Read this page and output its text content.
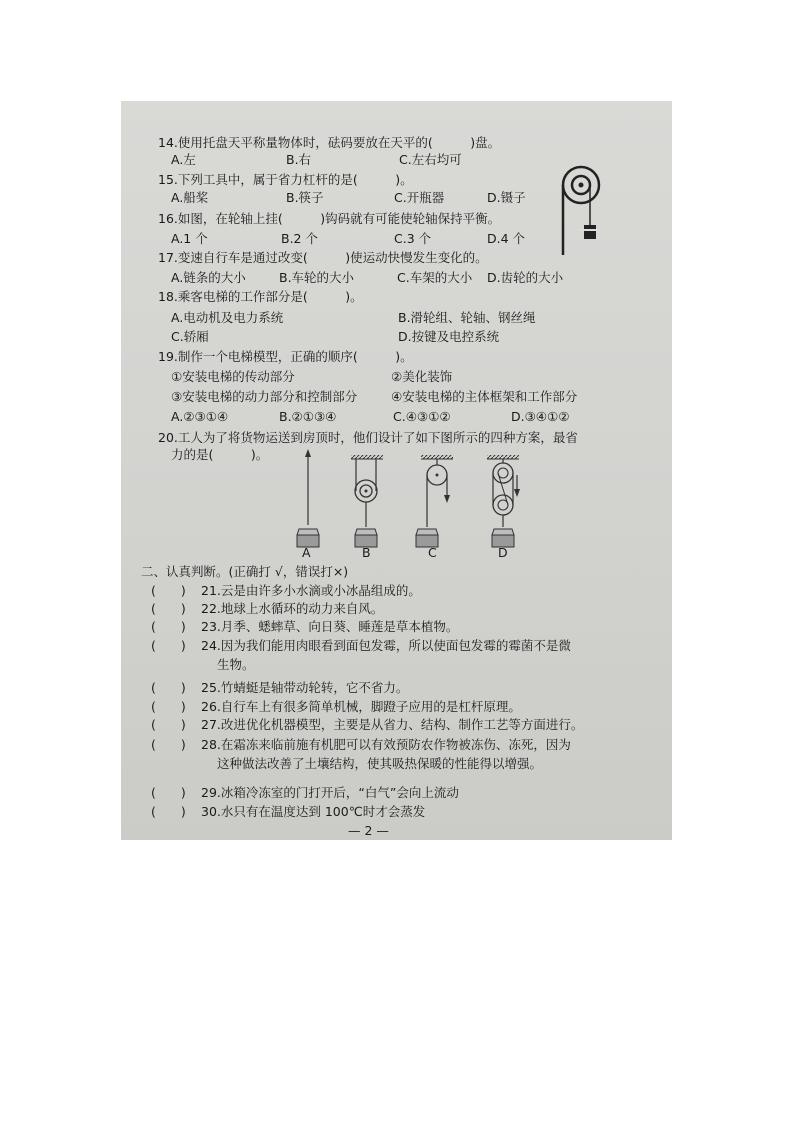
14.使用托盘天平称量物体时，砝码要放在天平的(　　　)盘。
A.左	B.右	C.左右均可
15.下列工具中，属于省力杠杆的是(　　　)。
A.船桨	B.筷子	C.开瓶器	D.镊子
16.如图，在轮轴上挂(　　　)钩码就有可能使轮轴保持平衡。
A.1 个	B.2 个	C.3 个	D.4 个
17.变速自行车是通过改变(　　　)使运动快慢发生变化的。
A.链条的大小	B.车轮的大小	C.车架的大小 D.齿轮的大小
18.乘客电梯的工作部分是(　　　)。
A.电动机及电力系统	B.滑轮组、轮轴、钢丝绳
C.轿厢	D.按键及电控系统
19.制作一个电梯模型，正确的顺序(　　　)。
①安装电梯的传动部分	②美化装饰
③安装电梯的动力部分和控制部分	④安装电梯的主体框架和工作部分
A.②③①④	B.②①③④	C.④③①②	D.③④①②
20.工人为了将货物运送到房顶时，他们设计了如下图所示的四种方案，最省
力的是(　　　)。
A	B	C	D
二、认真判断。(正确打 √，错误打×)
(　　) 21.云是由许多小水滴或小冰晶组成的。
(　　) 22.地球上水循环的动力来自风。
(　　) 23.月季、蟋蟀草、向日葵、睡莲是草本植物。
(　　) 24.因为我们能用肉眼看到面包发霉，所以使面包发霉的霉菌不是微
生物。
(　　) 25.竹蜻蜓是轴带动轮转，它不省力。
(　　) 26.自行车上有很多简单机械，脚蹬子应用的是杠杆原理。
(　　) 27.改进优化机器模型，主要是从省力、结构、制作工艺等方面进行。
(　　) 28.在霜冻来临前施有机肥可以有效预防农作物被冻伤、冻死，因为
这种做法改善了土壤结构，使其吸热保暖的性能得以增强。
(　　) 29.冰箱冷冻室的门打开后，“白气”会向上流动
(　　) 30.水只有在温度达到 100℃时才会蒸发
— 2 —
